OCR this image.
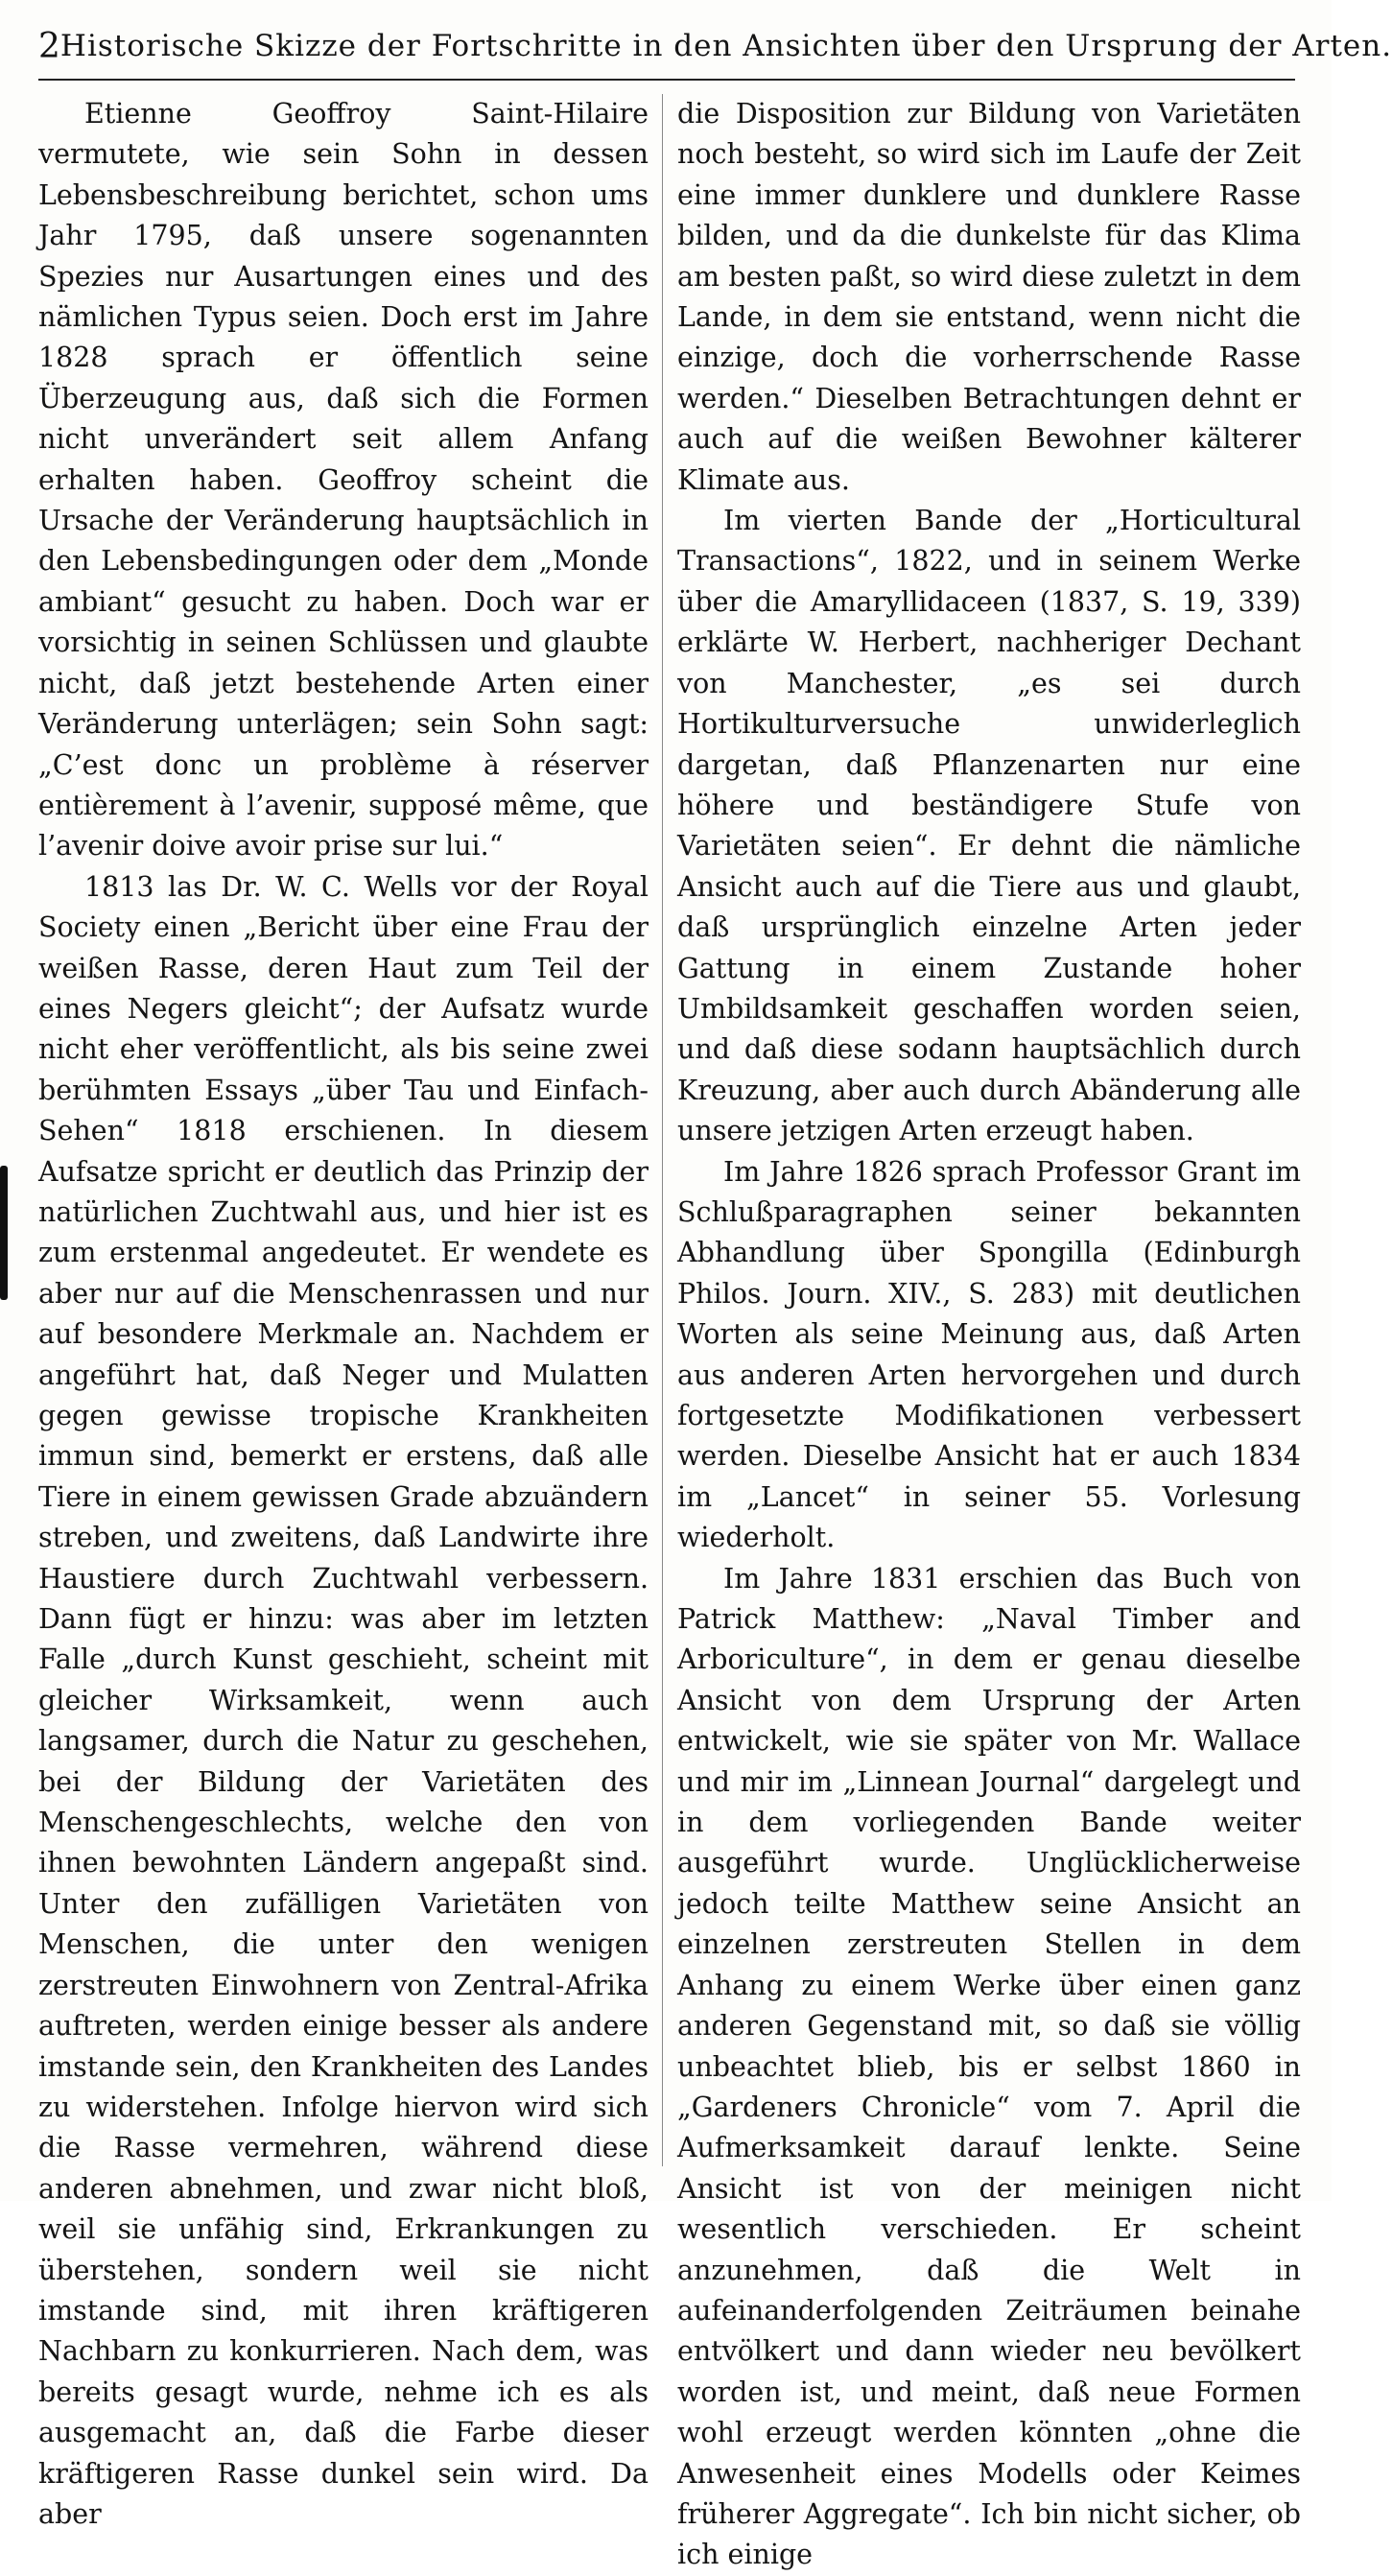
2 Historische Skizze der Fortschritte in den Ansichten über den Ursprung der Arten.

Etienne Geoffroy Saint-Hilaire vermutete, wie sein Sohn in dessen Lebensbeschreibung berichtet, schon ums Jahr 1795, daß unsere sogenannten Spezies nur Ausartungen eines und des nämlichen Typus seien. Doch erst im Jahre 1828 sprach er öffentlich seine Überzeugung aus, daß sich die Formen nicht unverändert seit allem Anfang erhalten haben. Geoffroy scheint die Ursache der Veränderung hauptsächlich in den Lebensbedingungen oder dem „Monde ambiant“ gesucht zu haben. Doch war er vorsichtig in seinen Schlüssen und glaubte nicht, daß jetzt bestehende Arten einer Veränderung unterlägen; sein Sohn sagt: „C’est donc un problème à réserver entièrement à l’avenir, supposé même, que l’avenir doive avoir prise sur lui.“

1813 las Dr. W. C. Wells vor der Royal Society einen „Bericht über eine Frau der weißen Rasse, deren Haut zum Teil der eines Negers gleicht“; der Aufsatz wurde nicht eher veröffentlicht, als bis seine zwei berühmten Essays „über Tau und Einfach-Sehen“ 1818 erschienen. In diesem Aufsatze spricht er deutlich das Prinzip der natürlichen Zuchtwahl aus, und hier ist es zum erstenmal angedeutet. Er wendete es aber nur auf die Menschenrassen und nur auf besondere Merkmale an. Nachdem er angeführt hat, daß Neger und Mulatten gegen gewisse tropische Krankheiten immun sind, bemerkt er erstens, daß alle Tiere in einem gewissen Grade abzuändern streben, und zweitens, daß Landwirte ihre Haustiere durch Zuchtwahl verbessern. Dann fügt er hinzu: was aber im letzten Falle „durch Kunst geschieht, scheint mit gleicher Wirksamkeit, wenn auch langsamer, durch die Natur zu geschehen, bei der Bildung der Varietäten des Menschengeschlechts, welche den von ihnen bewohnten Ländern angepaßt sind. Unter den zufälligen Varietäten von Menschen, die unter den wenigen zerstreuten Einwohnern von Zentral-Afrika auftreten, werden einige besser als andere imstande sein, den Krankheiten des Landes zu widerstehen. Infolge hiervon wird sich die Rasse vermehren, während diese anderen abnehmen, und zwar nicht bloß, weil sie unfähig sind, Erkrankungen zu überstehen, sondern weil sie nicht imstande sind, mit ihren kräftigeren Nachbarn zu konkurrieren. Nach dem, was bereits gesagt wurde, nehme ich es als ausgemacht an, daß die Farbe dieser kräftigeren Rasse dunkel sein wird. Da aber

die Disposition zur Bildung von Varietäten noch besteht, so wird sich im Laufe der Zeit eine immer dunklere und dunklere Rasse bilden, und da die dunkelste für das Klima am besten paßt, so wird diese zuletzt in dem Lande, in dem sie entstand, wenn nicht die einzige, doch die vorherrschende Rasse werden.“ Dieselben Betrachtungen dehnt er auch auf die weißen Bewohner kälterer Klimate aus.

Im vierten Bande der „Horticultural Transactions“, 1822, und in seinem Werke über die Amaryllidaceen (1837, S. 19, 339) erklärte W. Herbert, nachheriger Dechant von Manchester, „es sei durch Hortikulturversuche unwiderleglich dargetan, daß Pflanzenarten nur eine höhere und beständigere Stufe von Varietäten seien“. Er dehnt die nämliche Ansicht auch auf die Tiere aus und glaubt, daß ursprünglich einzelne Arten jeder Gattung in einem Zustande hoher Umbildsamkeit geschaffen worden seien, und daß diese sodann hauptsächlich durch Kreuzung, aber auch durch Abänderung alle unsere jetzigen Arten erzeugt haben.

Im Jahre 1826 sprach Professor Grant im Schlußparagraphen seiner bekannten Abhandlung über Spongilla (Edinburgh Philos. Journ. XIV., S. 283) mit deutlichen Worten als seine Meinung aus, daß Arten aus anderen Arten hervorgehen und durch fortgesetzte Modifikationen verbessert werden. Dieselbe Ansicht hat er auch 1834 im „Lancet“ in seiner 55. Vorlesung wiederholt.

Im Jahre 1831 erschien das Buch von Patrick Matthew: „Naval Timber and Arboriculture“, in dem er genau dieselbe Ansicht von dem Ursprung der Arten entwickelt, wie sie später von Mr. Wallace und mir im „Linnean Journal“ dargelegt und in dem vorliegenden Bande weiter ausgeführt wurde. Unglücklicherweise jedoch teilte Matthew seine Ansicht an einzelnen zerstreuten Stellen in dem Anhang zu einem Werke über einen ganz anderen Gegenstand mit, so daß sie völlig unbeachtet blieb, bis er selbst 1860 in „Gardeners Chronicle“ vom 7. April die Aufmerksamkeit darauf lenkte. Seine Ansicht ist von der meinigen nicht wesentlich verschieden. Er scheint anzunehmen, daß die Welt in aufeinanderfolgenden Zeiträumen beinahe entvölkert und dann wieder neu bevölkert worden ist, und meint, daß neue Formen wohl erzeugt werden könnten „ohne die Anwesenheit eines Modells oder Keimes früherer Aggregate“. Ich bin nicht sicher, ob ich einige
